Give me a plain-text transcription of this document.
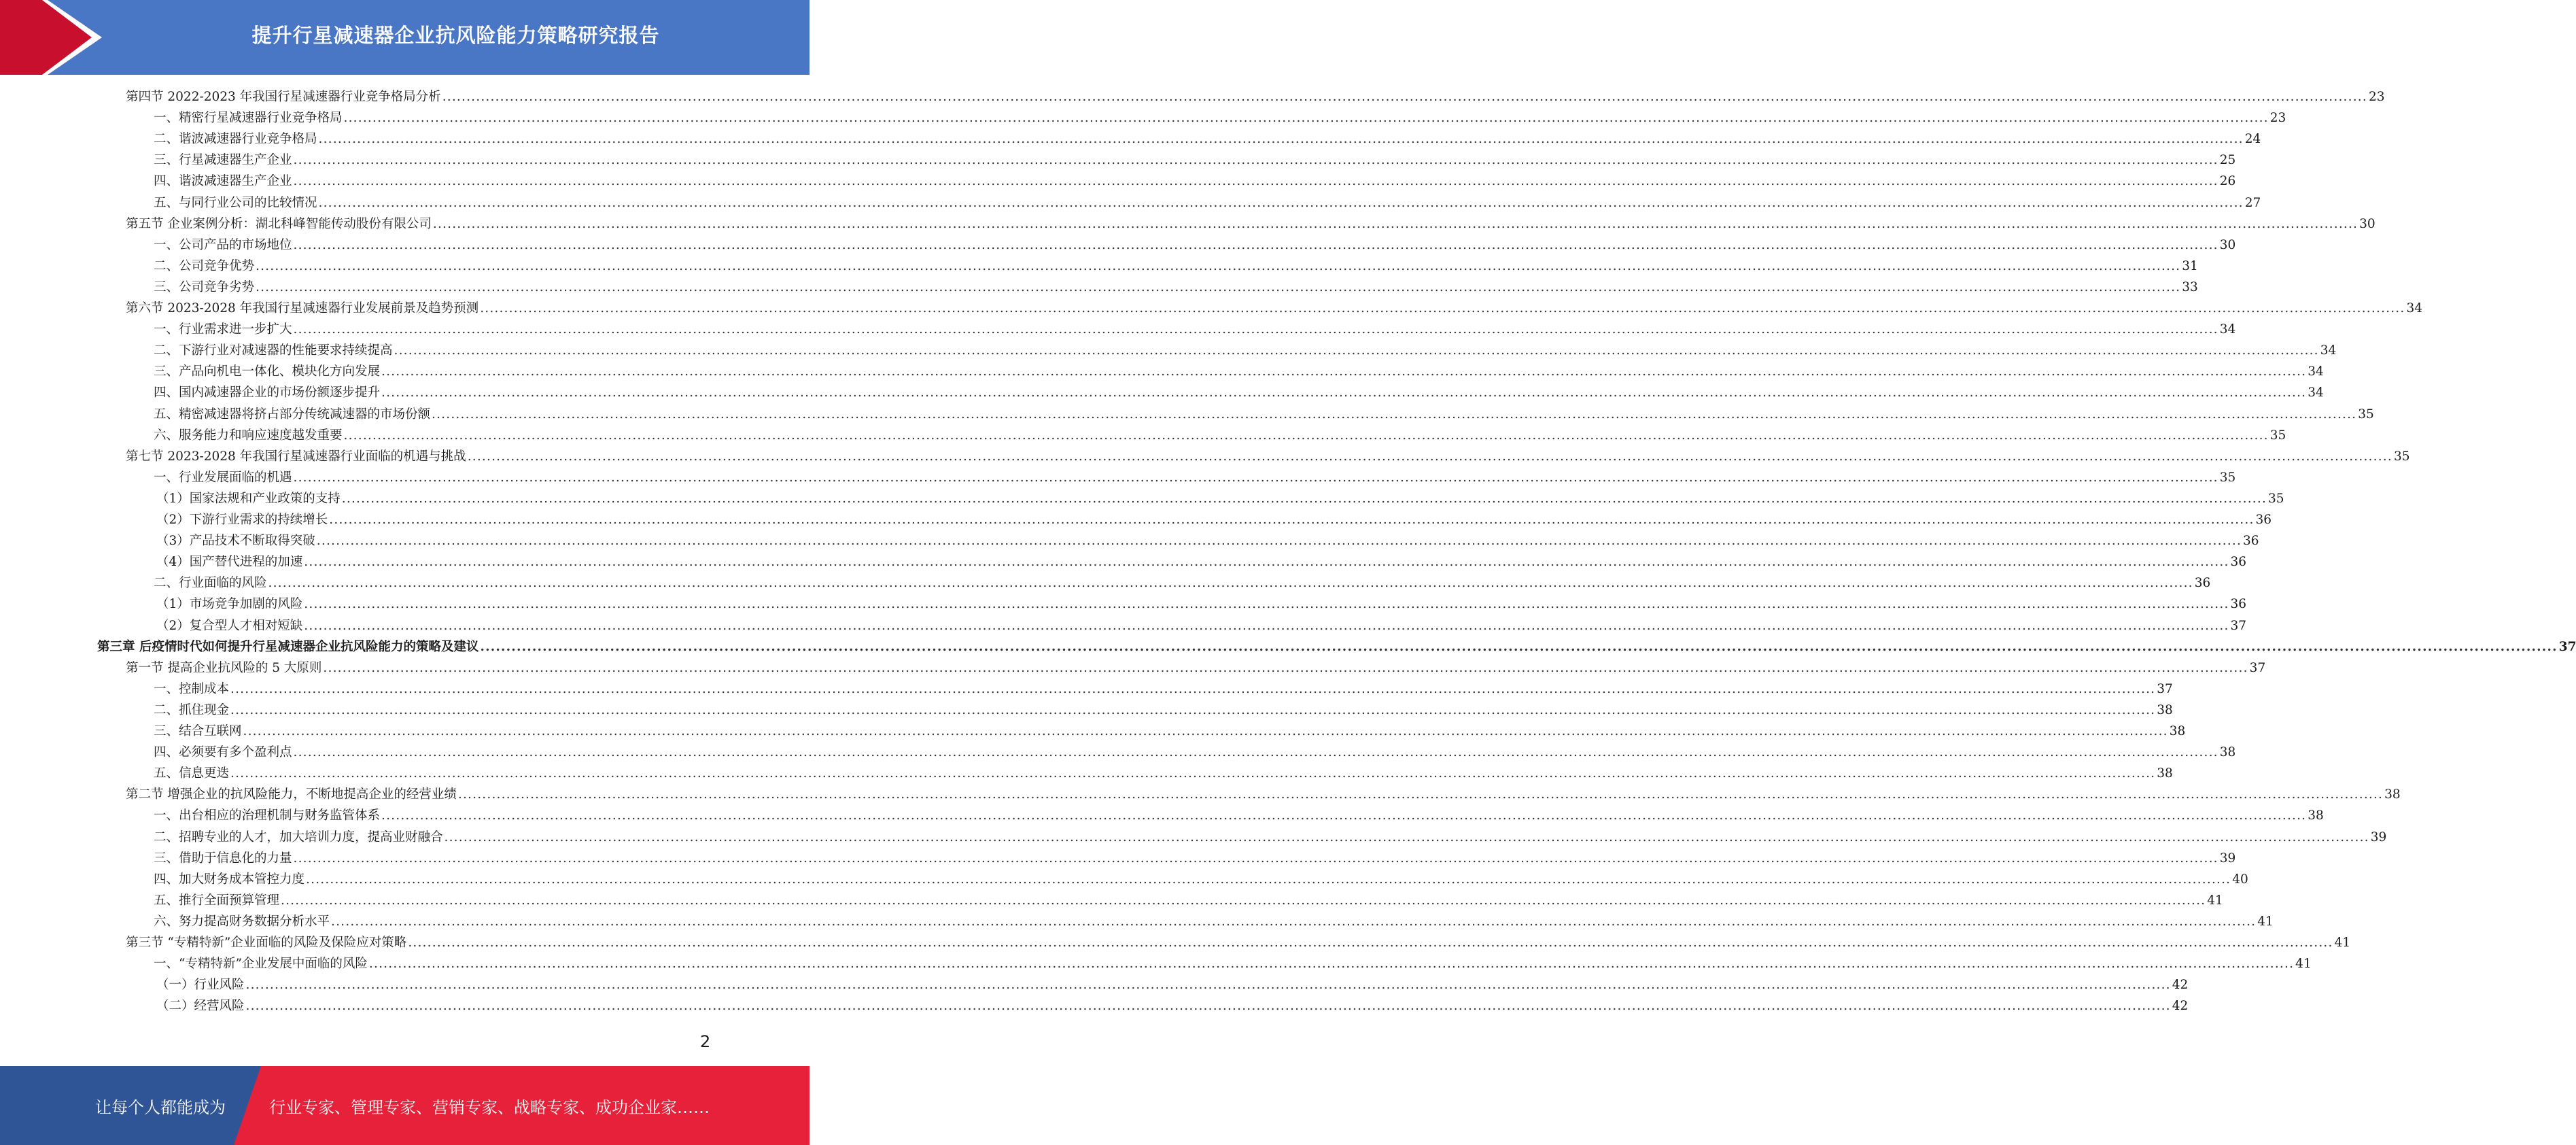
提升行星减速器企业抗风险能力策略研究报告
第四节 2022-2023 年我国行星减速器行业竞争格局分析 ................................................................................................................................................................................................................................................................................................................................................................................................................ 23
一、精密行星减速器行业竞争格局 ................................................................................................................................................................................................................................................................................................................................................................................................................ 23
二、谐波减速器行业竞争格局 ................................................................................................................................................................................................................................................................................................................................................................................................................ 24
三、行星减速器生产企业 ................................................................................................................................................................................................................................................................................................................................................................................................................ 25
四、谐波减速器生产企业 ................................................................................................................................................................................................................................................................................................................................................................................................................ 26
五、与同行业公司的比较情况 ................................................................................................................................................................................................................................................................................................................................................................................................................ 27
第五节 企业案例分析：湖北科峰智能传动股份有限公司 ................................................................................................................................................................................................................................................................................................................................................................................................................ 30
一、公司产品的市场地位 ................................................................................................................................................................................................................................................................................................................................................................................................................ 30
二、公司竞争优势 ................................................................................................................................................................................................................................................................................................................................................................................................................ 31
三、公司竞争劣势 ................................................................................................................................................................................................................................................................................................................................................................................................................ 33
第六节 2023-2028 年我国行星减速器行业发展前景及趋势预测 ................................................................................................................................................................................................................................................................................................................................................................................................................ 34
一、行业需求进一步扩大 ................................................................................................................................................................................................................................................................................................................................................................................................................ 34
二、下游行业对减速器的性能要求持续提高 ................................................................................................................................................................................................................................................................................................................................................................................................................ 34
三、产品向机电一体化、模块化方向发展 ................................................................................................................................................................................................................................................................................................................................................................................................................ 34
四、国内减速器企业的市场份额逐步提升 ................................................................................................................................................................................................................................................................................................................................................................................................................ 34
五、精密减速器将挤占部分传统减速器的市场份额 ................................................................................................................................................................................................................................................................................................................................................................................................................ 35
六、服务能力和响应速度越发重要 ................................................................................................................................................................................................................................................................................................................................................................................................................ 35
第七节 2023-2028 年我国行星减速器行业面临的机遇与挑战 ................................................................................................................................................................................................................................................................................................................................................................................................................ 35
一、行业发展面临的机遇 ................................................................................................................................................................................................................................................................................................................................................................................................................ 35
（1）国家法规和产业政策的支持 ................................................................................................................................................................................................................................................................................................................................................................................................................ 35
（2）下游行业需求的持续增长 ................................................................................................................................................................................................................................................................................................................................................................................................................ 36
（3）产品技术不断取得突破 ................................................................................................................................................................................................................................................................................................................................................................................................................ 36
（4）国产替代进程的加速 ................................................................................................................................................................................................................................................................................................................................................................................................................ 36
二、行业面临的风险 ................................................................................................................................................................................................................................................................................................................................................................................................................ 36
（1）市场竞争加剧的风险 ................................................................................................................................................................................................................................................................................................................................................................................................................ 36
（2）复合型人才相对短缺 ................................................................................................................................................................................................................................................................................................................................................................................................................ 37
第三章 后疫情时代如何提升行星减速器企业抗风险能力的策略及建议 ................................................................................................................................................................................................................................................................................................................................................................................................................ 37
第一节 提高企业抗风险的 5 大原则 ................................................................................................................................................................................................................................................................................................................................................................................................................ 37
一、控制成本 ................................................................................................................................................................................................................................................................................................................................................................................................................ 37
二、抓住现金 ................................................................................................................................................................................................................................................................................................................................................................................................................ 38
三、结合互联网 ................................................................................................................................................................................................................................................................................................................................................................................................................ 38
四、必须要有多个盈利点 ................................................................................................................................................................................................................................................................................................................................................................................................................ 38
五、信息更迭 ................................................................................................................................................................................................................................................................................................................................................................................................................ 38
第二节 增强企业的抗风险能力，不断地提高企业的经营业绩 ................................................................................................................................................................................................................................................................................................................................................................................................................ 38
一、出台相应的治理机制与财务监管体系 ................................................................................................................................................................................................................................................................................................................................................................................................................ 38
二、招聘专业的人才，加大培训力度，提高业财融合 ................................................................................................................................................................................................................................................................................................................................................................................................................ 39
三、借助于信息化的力量 ................................................................................................................................................................................................................................................................................................................................................................................................................ 39
四、加大财务成本管控力度 ................................................................................................................................................................................................................................................................................................................................................................................................................ 40
五、推行全面预算管理 ................................................................................................................................................................................................................................................................................................................................................................................................................ 41
六、努力提高财务数据分析水平 ................................................................................................................................................................................................................................................................................................................................................................................................................ 41
第三节 “专精特新”企业面临的风险及保险应对策略 ................................................................................................................................................................................................................................................................................................................................................................................................................ 41
一、“专精特新”企业发展中面临的风险 ................................................................................................................................................................................................................................................................................................................................................................................................................ 41
（一）行业风险 ................................................................................................................................................................................................................................................................................................................................................................................................................ 42
（二）经营风险 ................................................................................................................................................................................................................................................................................................................................................................................................................ 42
2
让每个人都能成为	行业专家、管理专家、营销专家、战略专家、成功企业家……
